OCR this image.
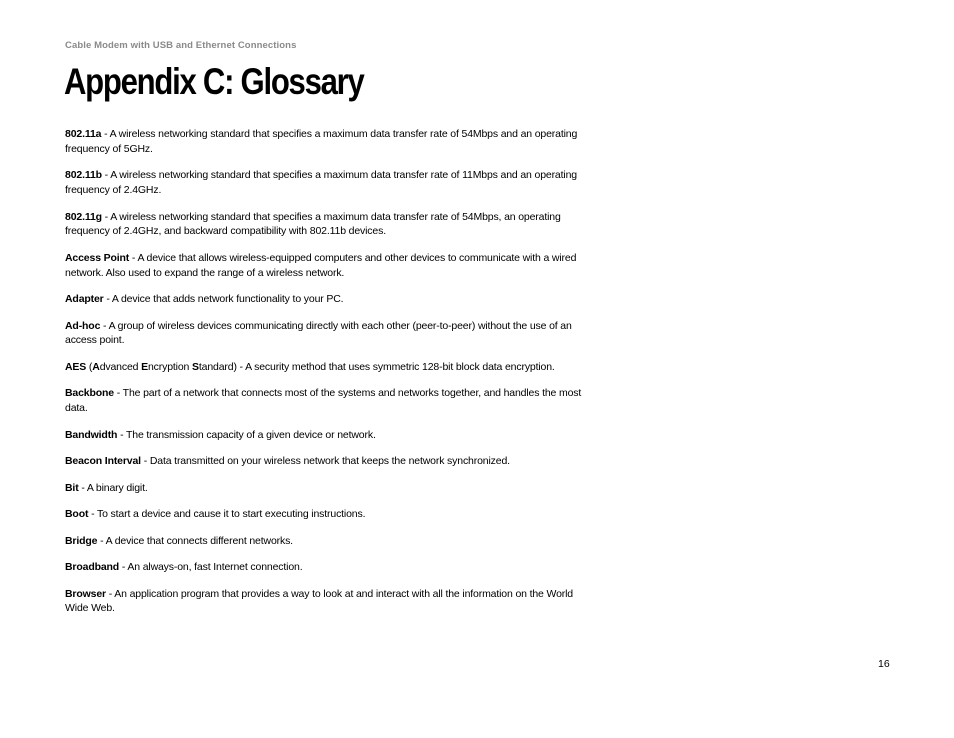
Cable Modem with USB and Ethernet Connections
Appendix C: Glossary

802.11a - A wireless networking standard that specifies a maximum data transfer rate of 54Mbps and an operating frequency of 5GHz.

802.11b - A wireless networking standard that specifies a maximum data transfer rate of 11Mbps and an operating frequency of 2.4GHz.

802.11g - A wireless networking standard that specifies a maximum data transfer rate of 54Mbps, an operating frequency of 2.4GHz, and backward compatibility with 802.11b devices.

Access Point - A device that allows wireless-equipped computers and other devices to communicate with a wired network. Also used to expand the range of a wireless network.

Adapter - A device that adds network functionality to your PC.

Ad-hoc - A group of wireless devices communicating directly with each other (peer-to-peer) without the use of an access point.

AES (Advanced Encryption Standard) - A security method that uses symmetric 128-bit block data encryption.

Backbone - The part of a network that connects most of the systems and networks together, and handles the most data.

Bandwidth - The transmission capacity of a given device or network.

Beacon Interval - Data transmitted on your wireless network that keeps the network synchronized.

Bit - A binary digit.

Boot - To start a device and cause it to start executing instructions.

Bridge - A device that connects different networks.

Broadband - An always-on, fast Internet connection.

Browser - An application program that provides a way to look at and interact with all the information on the World Wide Web.

16
